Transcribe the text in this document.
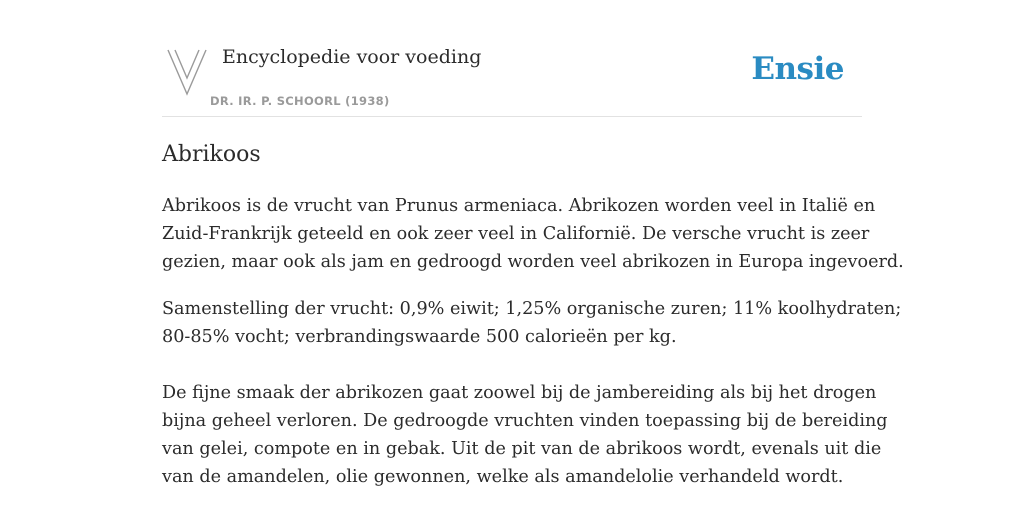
Encyclopedie voor voeding
DR. IR. P. SCHOORL (1938)
Ensie
Abrikoos

Abrikoos is de vrucht van Prunus armeniaca. Abrikozen worden veel in Italië en
Zuid-Frankrijk geteeld en ook zeer veel in Californië. De versche vrucht is zeer
gezien, maar ook als jam en gedroogd worden veel abrikozen in Europa ingevoerd.

Samenstelling der vrucht: 0,9% eiwit; 1,25% organische zuren; 11% koolhydraten;
80-85% vocht; verbrandingswaarde 500 calorieën per kg.

De fijne smaak der abrikozen gaat zoowel bij de jambereiding als bij het drogen
bijna geheel verloren. De gedroogde vruchten vinden toepassing bij de bereiding
van gelei, compote en in gebak. Uit de pit van de abrikoos wordt, evenals uit die
van de amandelen, olie gewonnen, welke als amandelolie verhandeld wordt.
